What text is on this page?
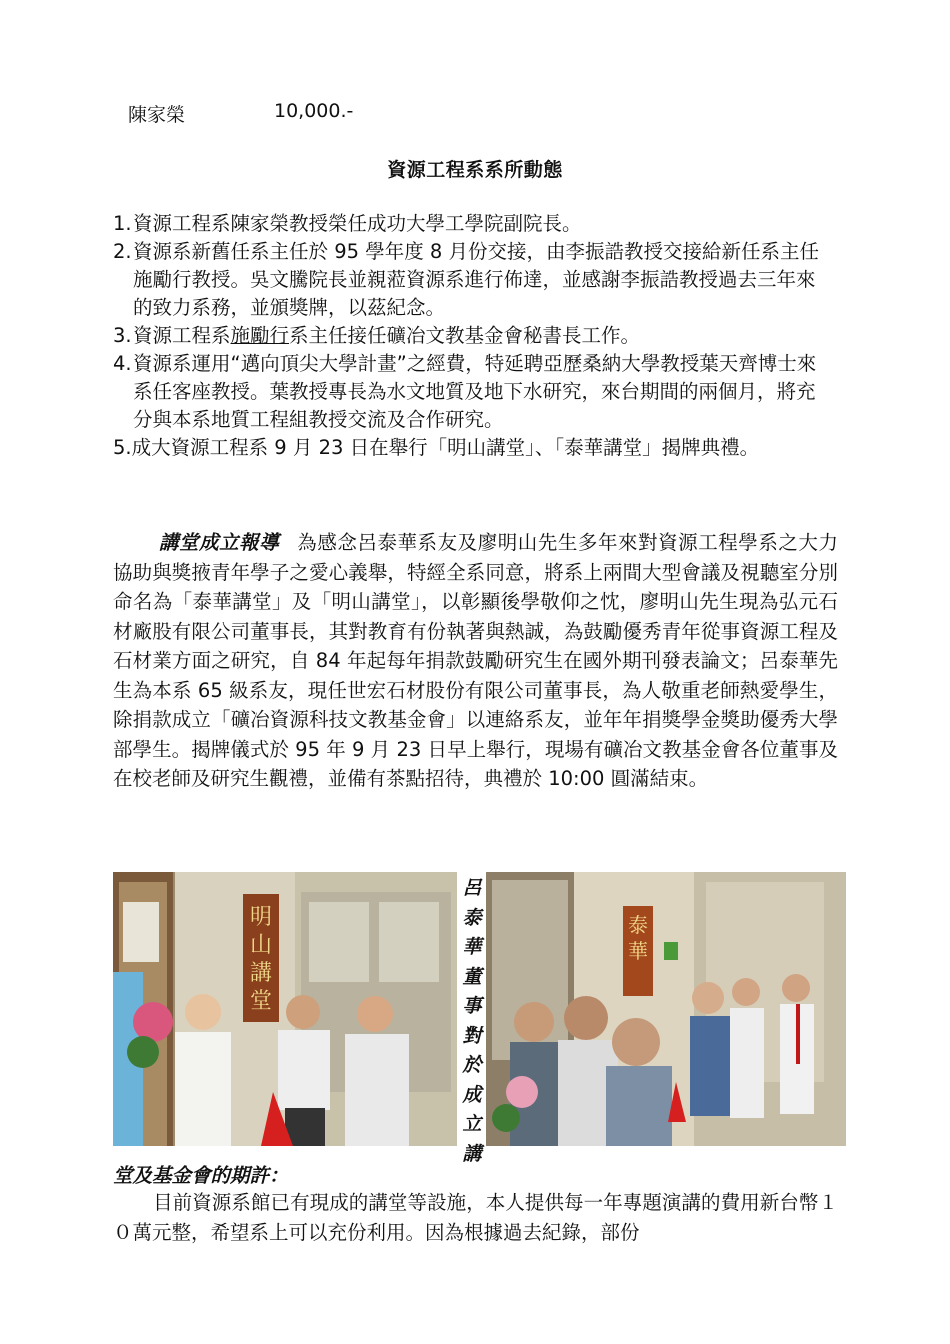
陳家榮	10,000.-
資源工程系系所動態
1. 資源工程系陳家榮教授榮任成功大學工學院副院長。
2. 資源系新舊任系主任於 95 學年度 8 月份交接，由李振誥教授交接給新任系主任施勵行教授。吳文騰院長並親蒞資源系進行佈達，並感謝李振誥教授過去三年來的致力系務，並頒獎牌，以茲紀念。
3. 資源工程系施勵行系主任接任礦冶文教基金會秘書長工作。
4. 資源系運用“邁向頂尖大學計畫”之經費，特延聘亞歷桑納大學教授葉天齊博士來系任客座教授。葉教授專長為水文地質及地下水研究，來台期間的兩個月，將充分與本系地質工程組教授交流及合作研究。
5.成大資源工程系 9 月 23 日在舉行「明山講堂」、「泰華講堂」揭牌典禮。
講堂成立報導 為感念呂泰華系友及廖明山先生多年來對資源工程學系之大力協助與獎掖青年學子之愛心義舉，特經全系同意，將系上兩間大型會議及視聽室分別命名為「泰華講堂」及「明山講堂」，以彰顯後學敬仰之忱，廖明山先生現為弘元石材廠股有限公司董事長，其對教育有份執著與熱誠，為鼓勵優秀青年從事資源工程及石材業方面之研究，自 84 年起每年捐款鼓勵研究生在國外期刊發表論文；呂泰華先生為本系 65 級系友，現任世宏石材股份有限公司董事長，為人敬重老師熱愛學生，除捐款成立「礦冶資源科技文教基金會」以連絡系友，並年年捐獎學金獎助優秀大學部學生。揭牌儀式於 95 年 9 月 23 日早上舉行，現場有礦冶文教基金會各位董事及在校老師及研究生觀禮，並備有茶點招待，典禮於 10:00 圓滿結束。
明
山
講
堂
呂
泰
華
董
事
對
於
成
立
講
泰
華
堂及基金會的期許：
目前資源系館已有現成的講堂等設施，本人提供每一年專題演講的費用新台幣１０萬元整，希望系上可以充份利用。因為根據過去紀錄，部份
